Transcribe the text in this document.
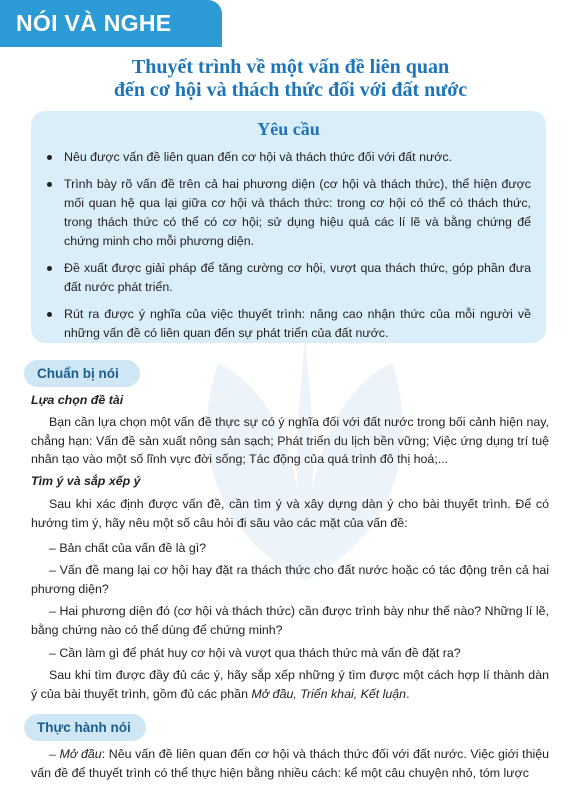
NÓI VÀ NGHE
Thuyết trình về một vấn đề liên quan
đến cơ hội và thách thức đối với đất nước
Yêu cầu
Nêu được vấn đề liên quan đến cơ hội và thách thức đối với đất nước.
Trình bày rõ vấn đề trên cả hai phương diện (cơ hội và thách thức), thể hiện được mối quan hệ qua lại giữa cơ hội và thách thức: trong cơ hội có thể có thách thức, trong thách thức có thể có cơ hội; sử dụng hiệu quả các lí lẽ và bằng chứng để chứng minh cho mỗi phương diện.
Đề xuất được giải pháp để tăng cường cơ hội, vượt qua thách thức, góp phần đưa đất nước phát triển.
Rút ra được ý nghĩa của việc thuyết trình: nâng cao nhận thức của mỗi người về những vấn đề có liên quan đến sự phát triển của đất nước.
Chuẩn bị nói
Lựa chọn đề tài

Bạn cần lựa chọn một vấn đề thực sự có ý nghĩa đối với đất nước trong bối cảnh hiện nay, chẳng hạn: Vấn đề sản xuất nông sản sạch; Phát triển du lịch bền vững; Việc ứng dụng trí tuệ nhân tạo vào một số lĩnh vực đời sống; Tác động của quá trình đô thị hoá;...

Tìm ý và sắp xếp ý

Sau khi xác định được vấn đề, cần tìm ý và xây dựng dàn ý cho bài thuyết trình. Để có hướng tìm ý, hãy nêu một số câu hỏi đi sâu vào các mặt của vấn đề:

– Bản chất của vấn đề là gì?

– Vấn đề mang lại cơ hội hay đặt ra thách thức cho đất nước hoặc có tác động trên cả hai phương diện?

– Hai phương diện đó (cơ hội và thách thức) cần được trình bày như thế nào? Những lí lẽ, bằng chứng nào có thể dùng để chứng minh?

– Cần làm gì để phát huy cơ hội và vượt qua thách thức mà vấn đề đặt ra?

Sau khi tìm được đầy đủ các ý, hãy sắp xếp những ý tìm được một cách hợp lí thành dàn ý của bài thuyết trình, gồm đủ các phần Mở đầu, Triển khai, Kết luận.

Thực hành nói

– Mở đầu: Nêu vấn đề liên quan đến cơ hội và thách thức đối với đất nước. Việc giới thiệu vấn đề để thuyết trình có thể thực hiện bằng nhiều cách: kể một câu chuyện nhỏ, tóm lược
